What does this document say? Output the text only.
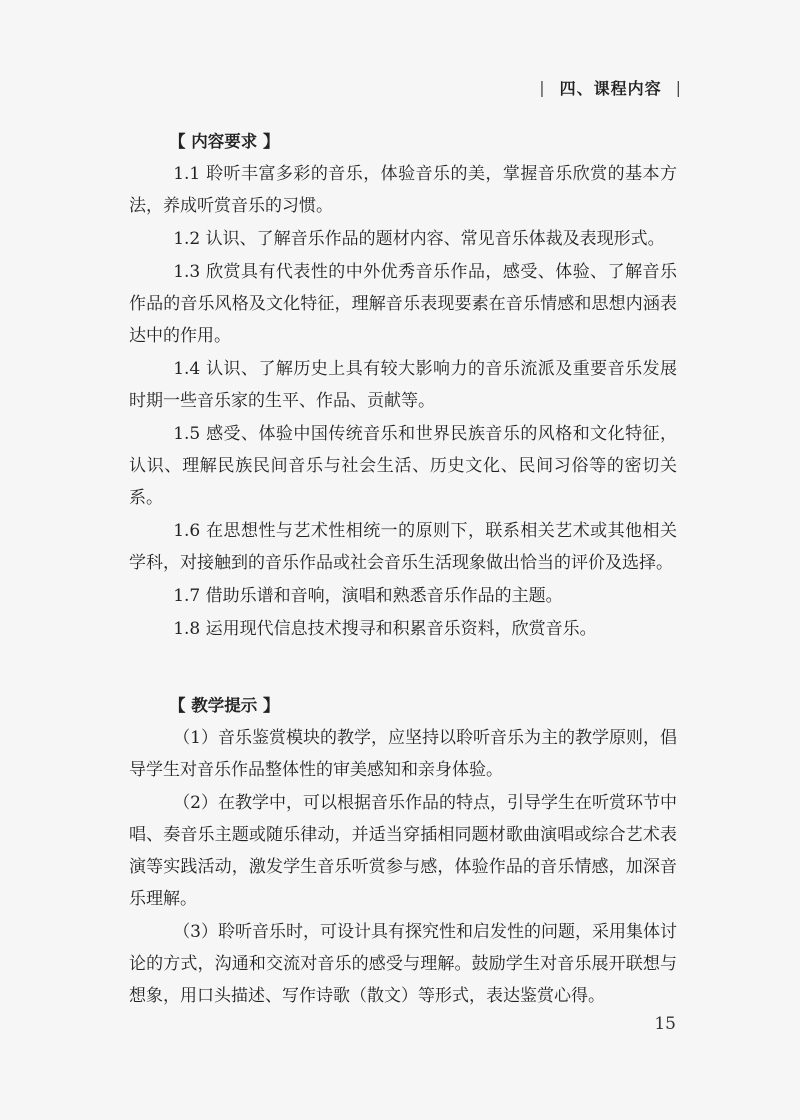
| 四、课程内容 |
【 内容要求 】

1.1 聆听丰富多彩的音乐，体验音乐的美，掌握音乐欣赏的基本方法，养成听赏音乐的习惯。

1.2 认识、了解音乐作品的题材内容、常见音乐体裁及表现形式。

1.3 欣赏具有代表性的中外优秀音乐作品，感受、体验、了解音乐作品的音乐风格及文化特征，理解音乐表现要素在音乐情感和思想内涵表达中的作用。

1.4 认识、了解历史上具有较大影响力的音乐流派及重要音乐发展时期一些音乐家的生平、作品、贡献等。

1.5 感受、体验中国传统音乐和世界民族音乐的风格和文化特征，认识、理解民族民间音乐与社会生活、历史文化、民间习俗等的密切关系。

1.6 在思想性与艺术性相统一的原则下，联系相关艺术或其他相关学科，对接触到的音乐作品或社会音乐生活现象做出恰当的评价及选择。

1.7 借助乐谱和音响，演唱和熟悉音乐作品的主题。

1.8 运用现代信息技术搜寻和积累音乐资料，欣赏音乐。

【 教学提示 】

（1）音乐鉴赏模块的教学，应坚持以聆听音乐为主的教学原则，倡导学生对音乐作品整体性的审美感知和亲身体验。

（2）在教学中，可以根据音乐作品的特点，引导学生在听赏环节中唱、奏音乐主题或随乐律动，并适当穿插相同题材歌曲演唱或综合艺术表演等实践活动，激发学生音乐听赏参与感，体验作品的音乐情感，加深音乐理解。

（3）聆听音乐时，可设计具有探究性和启发性的问题，采用集体讨论的方式，沟通和交流对音乐的感受与理解。鼓励学生对音乐展开联想与想象，用口头描述、写作诗歌（散文）等形式，表达鉴赏心得。

15
